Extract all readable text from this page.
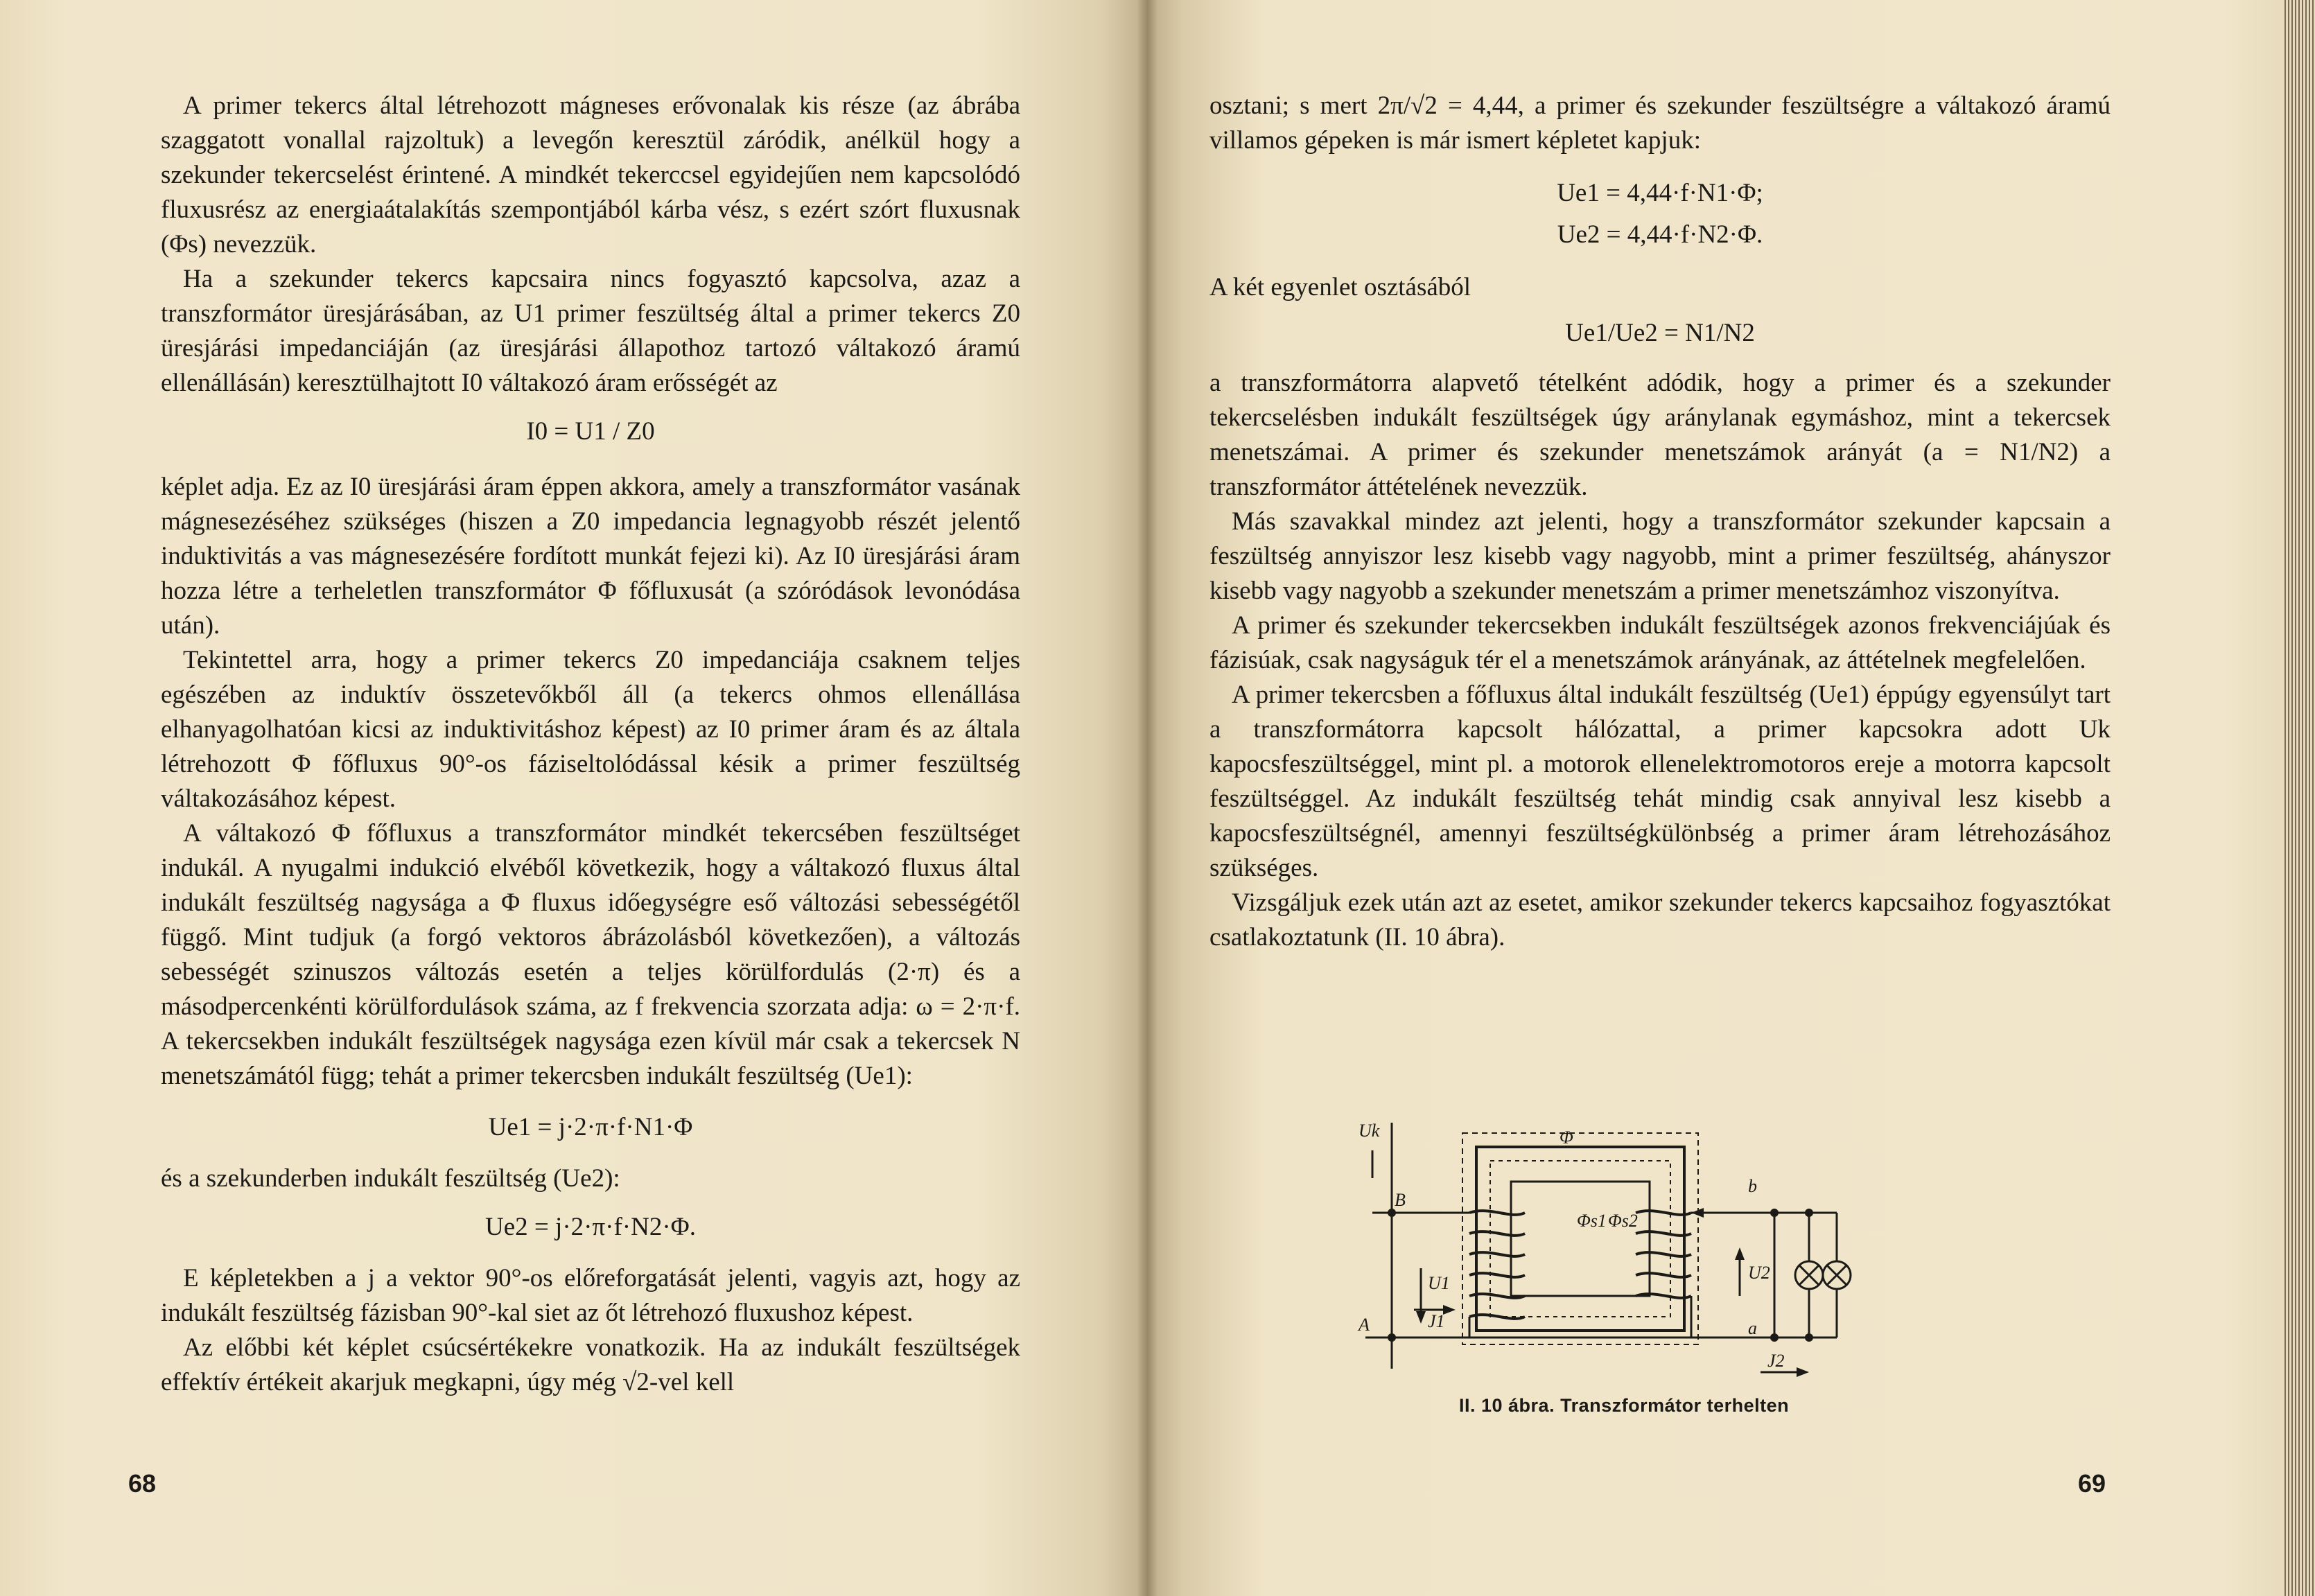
A primer tekercs által létrehozott mágneses erővonalak kis része (az ábrába szaggatott vonallal rajzoltuk) a levegőn keresztül záródik, anélkül hogy a szekunder tekercselést érintené. A mindkét tekerccsel egyidejűen nem kapcsolódó fluxusrész az energiaátalakítás szempontjából kárba vész, s ezért szórt fluxusnak (Φs) nevezzük.

Ha a szekunder tekercs kapcsaira nincs fogyasztó kapcsolva, azaz a transzformátor üresjárásában, az U1 primer feszültség által a primer tekercs Z0 üresjárási impedanciáján (az üresjárási állapothoz tartozó váltakozó áramú ellenállásán) keresztülhajtott I0 váltakozó áram erősségét az

I0 = U1 / Z0

képlet adja. Ez az I0 üresjárási áram éppen akkora, amely a transzformátor vasának mágnesezéséhez szükséges (hiszen a Z0 impedancia legnagyobb részét jelentő induktivitás a vas mágnesezésére fordított munkát fejezi ki). Az I0 üresjárási áram hozza létre a terheletlen transzformátor Φ főfluxusát (a szóródások levonódása után).

Tekintettel arra, hogy a primer tekercs Z0 impedanciája csaknem teljes egészében az induktív összetevőkből áll (a tekercs ohmos ellenállása elhanyagolhatóan kicsi az induktivitáshoz képest) az I0 primer áram és az általa létrehozott Φ főfluxus 90°-os fáziseltolódással késik a primer feszültség váltakozásához képest.

A váltakozó Φ főfluxus a transzformátor mindkét tekercsében feszültséget indukál. A nyugalmi indukció elvéből következik, hogy a váltakozó fluxus által indukált feszültség nagysága a Φ fluxus időegységre eső változási sebességétől függő. Mint tudjuk (a forgó vektoros ábrázolásból következően), a változás sebességét szinuszos változás esetén a teljes körülfordulás (2·π) és a másodpercenkénti körülfordulások száma, az f frekvencia szorzata adja: ω = 2·π·f. A tekercsekben indukált feszültségek nagysága ezen kívül már csak a tekercsek N menetszámától függ; tehát a primer tekercsben indukált feszültség (Ue1):

Ue1 = j·2·π·f·N1·Φ

és a szekunderben indukált feszültség (Ue2):

Ue2 = j·2·π·f·N2·Φ.

E képletekben a j a vektor 90°-os előreforgatását jelenti, vagyis azt, hogy az indukált feszültség fázisban 90°-kal siet az őt létrehozó fluxushoz képest.

Az előbbi két képlet csúcsértékekre vonatkozik. Ha az indukált feszültségek effektív értékeit akarjuk megkapni, úgy még √2-vel kell

68

osztani; s mert 2π/√2 = 4,44, a primer és szekunder feszültségre a váltakozó áramú villamos gépeken is már ismert képletet kapjuk:

Ue1 = 4,44·f·N1·Φ;

Ue2 = 4,44·f·N2·Φ.

A két egyenlet osztásából

Ue1/Ue2 = N1/N2

a transzformátorra alapvető tételként adódik, hogy a primer és a szekunder tekercselésben indukált feszültségek úgy aránylanak egymáshoz, mint a tekercsek menetszámai. A primer és szekunder menetszámok arányát (a = N1/N2) a transzformátor áttételének nevezzük.

Más szavakkal mindez azt jelenti, hogy a transzformátor szekunder kapcsain a feszültség annyiszor lesz kisebb vagy nagyobb, mint a primer feszültség, ahányszor kisebb vagy nagyobb a szekunder menetszám a primer menetszámhoz viszonyítva.

A primer és szekunder tekercsekben indukált feszültségek azonos frekvenciájúak és fázisúak, csak nagyságuk tér el a menetszámok arányának, az áttételnek megfelelően.

A primer tekercsben a főfluxus által indukált feszültség (Ue1) éppúgy egyensúlyt tart a transzformátorra kapcsolt hálózattal, a primer kapcsokra adott Uk kapocsfeszültséggel, mint pl. a motorok ellenelektromotoros ereje a motorra kapcsolt feszültséggel. Az indukált feszültség tehát mindig csak annyival lesz kisebb a kapocsfeszültségnél, amennyi feszültségkülönbség a primer áram létrehozásához szükséges.

Vizsgáljuk ezek után azt az esetet, amikor szekunder tekercs kapcsaihoz fogyasztókat csatlakoztatunk (II. 10 ábra).

Uk
B
A
U1
J1
Φ
Φs1 Φs2
b
a
U2
J2
II. 10 ábra. Transzformátor terhelten
69
